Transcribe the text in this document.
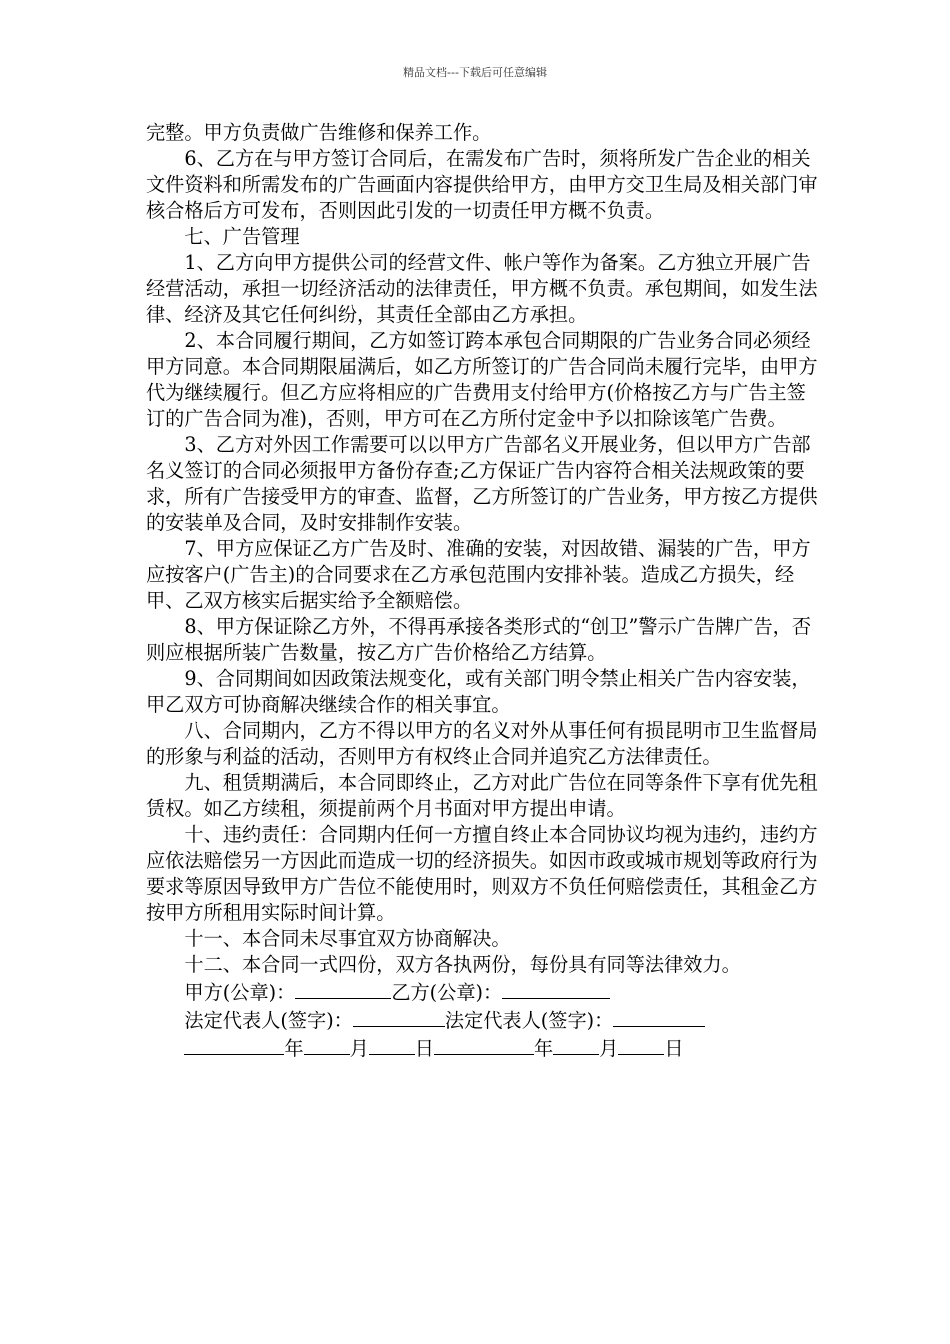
精品文档---下载后可任意编辑

完整。甲方负责做广告维修和保养工作。

6、乙方在与甲方签订合同后，在需发布广告时，须将所发广告企业的相关文件资料和所需发布的广告画面内容提供给甲方，由甲方交卫生局及相关部门审核合格后方可发布，否则因此引发的一切责任甲方概不负责。

七、广告管理

1、乙方向甲方提供公司的经营文件、帐户等作为备案。乙方独立开展广告经营活动，承担一切经济活动的法律责任，甲方概不负责。承包期间，如发生法律、经济及其它任何纠纷，其责任全部由乙方承担。

2、本合同履行期间，乙方如签订跨本承包合同期限的广告业务合同必须经甲方同意。本合同期限届满后，如乙方所签订的广告合同尚未履行完毕，由甲方代为继续履行。但乙方应将相应的广告费用支付给甲方(价格按乙方与广告主签订的广告合同为准)，否则，甲方可在乙方所付定金中予以扣除该笔广告费。

3、乙方对外因工作需要可以以甲方广告部名义开展业务，但以甲方广告部名义签订的合同必须报甲方备份存查;乙方保证广告内容符合相关法规政策的要求，所有广告接受甲方的审查、监督，乙方所签订的广告业务，甲方按乙方提供的安装单及合同，及时安排制作安装。

7、甲方应保证乙方广告及时、准确的安装，对因故错、漏装的广告，甲方应按客户(广告主)的合同要求在乙方承包范围内安排补装。造成乙方损失，经甲、乙双方核实后据实给予全额赔偿。

8、甲方保证除乙方外，不得再承接各类形式的“创卫”警示广告牌广告，否则应根据所装广告数量，按乙方广告价格给乙方结算。

9、合同期间如因政策法规变化，或有关部门明令禁止相关广告内容安装，甲乙双方可协商解决继续合作的相关事宜。

八、合同期内，乙方不得以甲方的名义对外从事任何有损昆明市卫生监督局的形象与利益的活动，否则甲方有权终止合同并追究乙方法律责任。

九、租赁期满后，本合同即终止，乙方对此广告位在同等条件下享有优先租赁权。如乙方续租，须提前两个月书面对甲方提出申请。

十、违约责任：合同期内任何一方擅自终止本合同协议均视为违约，违约方应依法赔偿另一方因此而造成一切的经济损失。如因市政或城市规划等政府行为要求等原因导致甲方广告位不能使用时，则双方不负任何赔偿责任，其租金乙方按甲方所租用实际时间计算。

十一、本合同未尽事宜双方协商解决。

十二、本合同一式四份，双方各执两份，每份具有同等法律效力。

甲方(公章)：	乙方(公章)：

法定代表人(签字)：	法定代表人(签字)：

年 月 日	年 月 日
